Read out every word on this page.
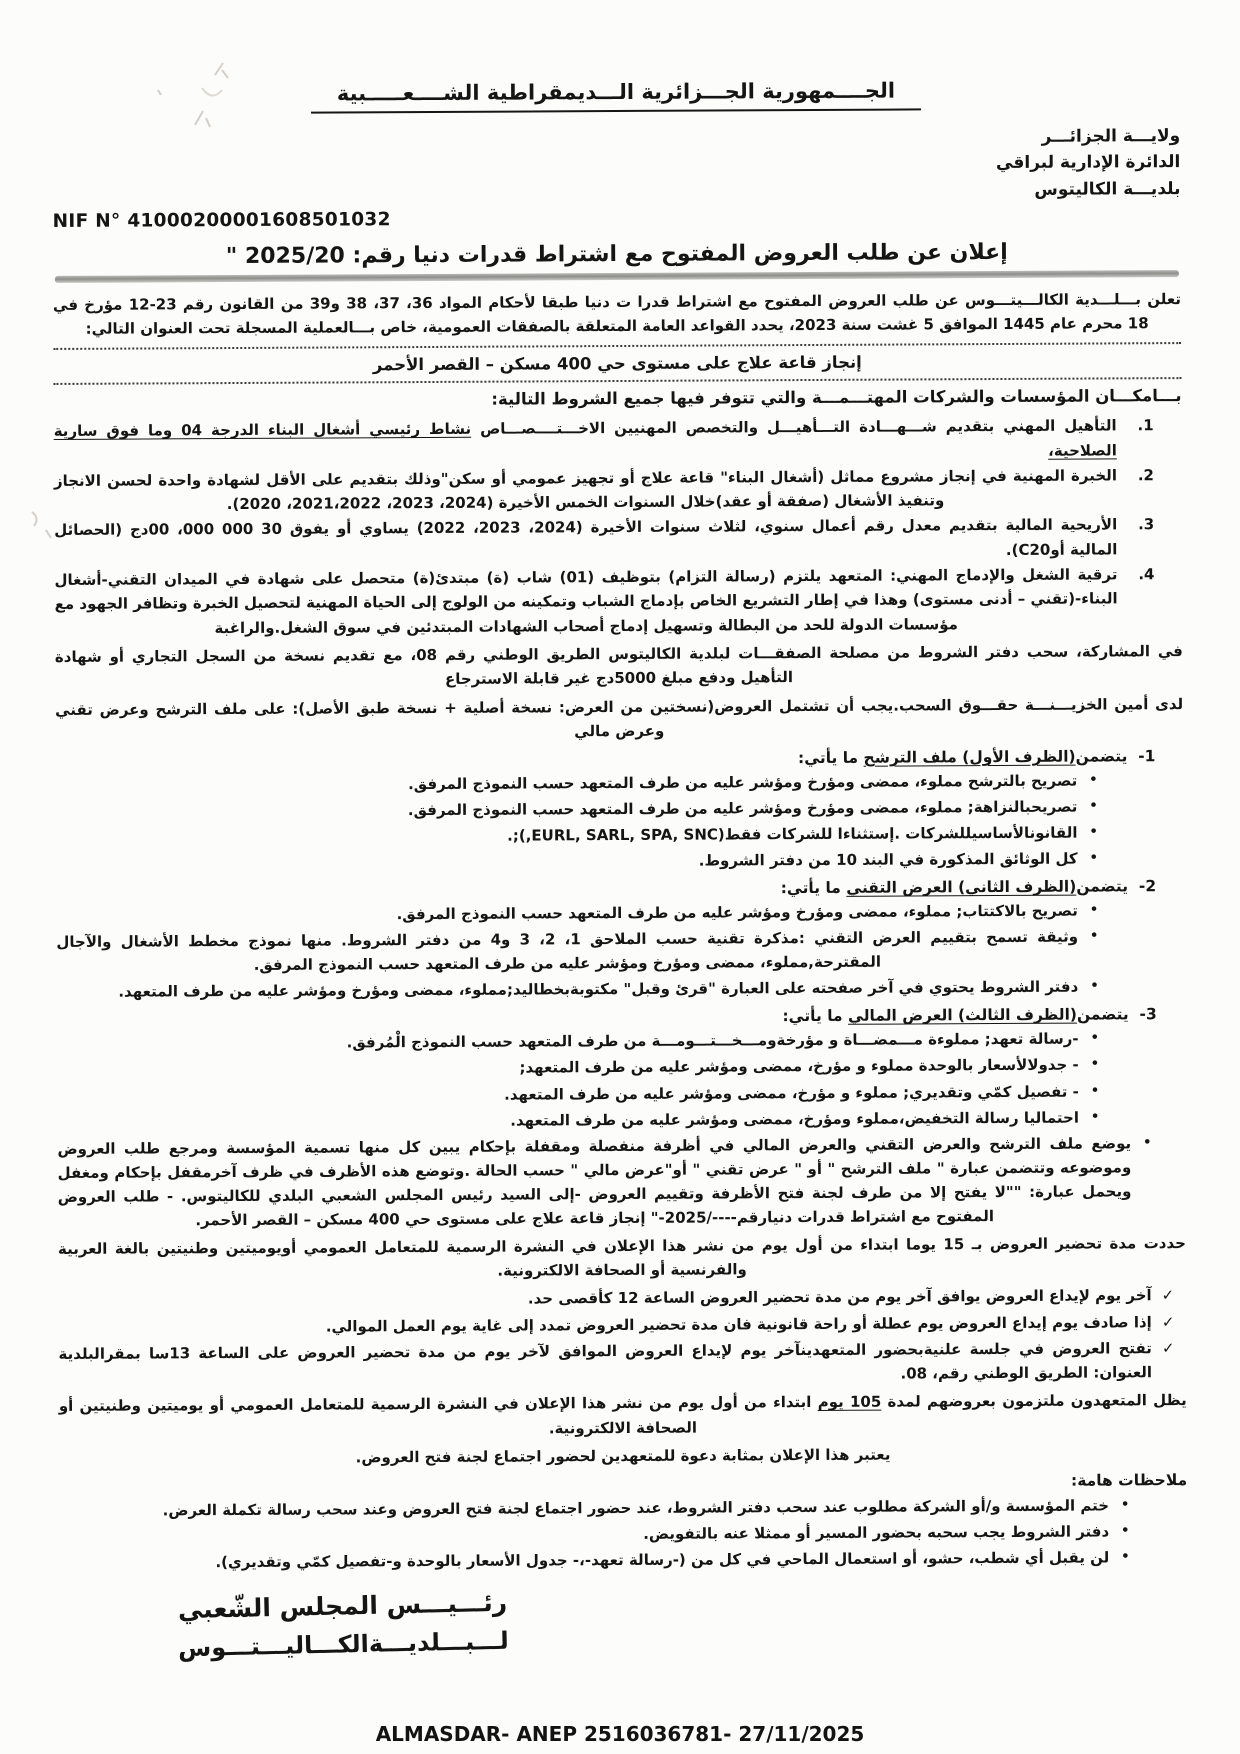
الجــــمهورية الجـــزائرية الـــديمقراطية الشــــعـــــبية
ولايـــة الجزائـــر
الدائرة الإدارية لبراقي
بلديـــة الكاليتوس
NIF N° 41000200001608501032
إعلان عن طلب العروض المفتوح مع اشتراط قدرات دنيا رقم: 2025/20 "
تعلن بـــلـــدية الكالـــيتـــوس عن طلب العروض المفتوح مع اشتراط قدرا ت دنيا طبقا لأحكام المواد 36، 37، 38 و39 من القانون رقم 23-12 مؤرخ في 18 محرم عام 1445 الموافق 5 غشت سنة 2023، يحدد القواعد العامة المتعلقة بالصفقات العمومية، خاص بـــالعملية المسجلة تحت العنوان التالي:
إنجاز قاعة علاج على مستوى حي 400 مسكن – القصر الأحمر
بـــامكـــان المؤسسات والشركات المهتـــمـــة والتي تتوفر فيها جميع الشروط التالية:
1.
التأهيل المهني بتقديم شـــهـــادة التـــأهيـــل والتخصص المهنيين الاخـــتــــصـــاص نشاط رئيسي أشغال البناء الدرجة 04 وما فوق سارية الصلاحية،
2.
الخبرة المهنية في إنجاز مشروع مماثل (أشغال البناء" قاعة علاج أو تجهيز عمومي أو سكن"وذلك بتقديم على الأقل لشهادة واحدة لحسن الانجاز وتنفيذ الأشغال (صفقة أو عقد)خلال السنوات الخمس الأخيرة (2024، 2023، 2021،2022، 2020).
3.
الأريحية المالية بتقديم معدل رقم أعمال سنوي، لثلاث سنوات الأخيرة (2024، 2023، 2022) يساوي أو يفوق 30 000 000، 00دج (الحصائل المالية أوC20).
4.
ترقية الشغل والإدماج المهني: المتعهد يلتزم (رسالة التزام) بتوظيف (01) شاب (ة) مبتدئ(ة) متحصل على شهادة في الميدان التقني-أشغال البناء-(تقني – أدنى مستوى) وهذا في إطار التشريع الخاص بإدماج الشباب وتمكينه من الولوج إلى الحياة المهنية لتحصيل الخبرة وتظافر الجهود مع مؤسسات الدولة للحد من البطالة وتسهيل إدماج أصحاب الشهادات المبتدئين في سوق الشغل.والراغبة
في المشاركة، سحب دفتر الشروط من مصلحة الصفقـــات لبلدية الكاليتوس الطريق الوطني رقم 08، مع تقديم نسخة من السجل التجاري أو شهادة التأهيل ودفع مبلغ 5000دج غير قابلة الاسترجاع
لدى أمين الخزيـــنـــة حقـــوق السحب.يجب أن تشتمل العروض(نسختين من العرض: نسخة أصلية + نسخة طبق الأصل): على ملف الترشح وعرض تقني وعرض مالي
1-  يتضمن(الظرف الأول) ملف الترشح ما يأتي:
•
تصريح بالترشح مملوء، ممضى ومؤرخ ومؤشر عليه من طرف المتعهد حسب النموذج المرفق.
•
تصريحبالنزاهة; مملوء، ممضى ومؤرخ ومؤشر عليه من طرف المتعهد حسب النموذج المرفق.
•
القانونالأساسيللشركات .إستثناءا للشركات فقط(EURL, SARL, SPA, SNC,);.
•
كل الوثائق المذكورة في البند 10 من دفتر الشروط.
2-  يتضمن(الظرف الثاني) العرض التقني ما يأتي:
•
تصريح بالاكتتاب; مملوء، ممضى ومؤرخ ومؤشر عليه من طرف المتعهد حسب النموذج المرفق.
•
وثيقة تسمح بتقييم العرض التقني :مذكرة تقنية حسب الملاحق 1، 2، 3 و4 من دفتر الشروط. منها نموذج مخطط الأشغال والآجال المقترحة,مملوء، ممضى ومؤرخ ومؤشر عليه من طرف المتعهد حسب النموذج المرفق.
•
دفتر الشروط يحتوي في آخر صفحته على العبارة "قرئ وقبل" مكتوبةبخطاليد;مملوء، ممضى ومؤرخ ومؤشر عليه من طرف المتعهد.
3-  يتضمن(الظرف الثالث) العرض المالي ما يأتي:
•
-رسالة تعهد; مملوءة مـــمضـــاة و مؤرخةومـــخـــتـــومـــة من طرف المتعهد حسب النموذج الْمُرفق.
•
- جدولالأسعار بالوحدة مملوء و مؤرخ، ممضى ومؤشر عليه من طرف المتعهد;
•
- تفصيل كمّي وتقديري; مملوء و مؤرخ، ممضى ومؤشر عليه من طرف المتعهد.
•
احتماليا رسالة التخفيض،مملوء ومؤرخ، ممضى ومؤشر عليه من طرف المتعهد.
•
يوضع ملف الترشح والعرض التقني والعرض المالي في أظرفة منفصلة ومقفلة بإحكام يبين كل منها تسمية المؤسسة ومرجع طلب العروض وموضوعه وتتضمن عبارة " ملف الترشح " أو " عرض تقني " أو"عرض مالي " حسب الحالة .وتوضع هذه الأظرف في ظرف آخرمقفل بإحكام ومغفل ويحمل عبارة: ""لا يفتح إلا من طرف لجنة فتح الأظرفة وتقييم العروض -إلى السيد رئيس المجلس الشعبي البلدي للكاليتوس. - طلب العروض المفتوح مع اشتراط قدرات دنيارقم----/2025-" إنجاز قاعة علاج على مستوى حي 400 مسكن – القصر الأحمر.
حددت مدة تحضير العروض بـ 15 يوما ابتداء من أول يوم من نشر هذا الإعلان في النشرة الرسمية للمتعامل العمومي أويوميتين وطنيتين بالغة العربية والفرنسية أو الصحافة الالكترونية.
✓
آخر يوم لإيداع العروض يوافق آخر يوم من مدة تحضير العروض الساعة 12 كأقصى حد.
✓
إذا صادف يوم إيداع العروض يوم عطلة أو راحة قانونية فان مدة تحضير العروض تمدد إلى غاية يوم العمل الموالي.
✓
تفتح العروض في جلسة علنيةبحضور المتعهدينآخر يوم لإيداع العروض الموافق لآخر يوم من مدة تحضير العروض على الساعة 13سا بمقرالبلدية العنوان: الطريق الوطني رقم، 08.
يظل المتعهدون ملتزمون بعروضهم لمدة 105 يوم ابتداء من أول يوم من نشر هذا الإعلان في النشرة الرسمية للمتعامل العمومي أو يوميتين وطنيتين أو الصحافة الالكترونية.
يعتبر هذا الإعلان بمثابة دعوة للمتعهدين لحضور اجتماع لجنة فتح العروض.
ملاحظات هامة:
•
ختم المؤسسة و/أو الشركة مطلوب عند سحب دفتر الشروط، عند حضور اجتماع لجنة فتح العروض وعند سحب رسالة تكملة العرض.
•
دفتر الشروط يجب سحبه بحضور المسير أو ممثلا عنه بالتفويض.
•
لن يقبل أي شطب، حشو، أو استعمال الماحي في كل من (-رسالة تعهد-،- جدول الأسعار بالوحدة و-تفصيل كمّي وتقديري).
رئـــيـــس المجلس الشّعبي
لـــبـــلديـــةالكـــاليـــتـــوس
ALMASDAR- ANEP 2516036781- 27/11/2025
